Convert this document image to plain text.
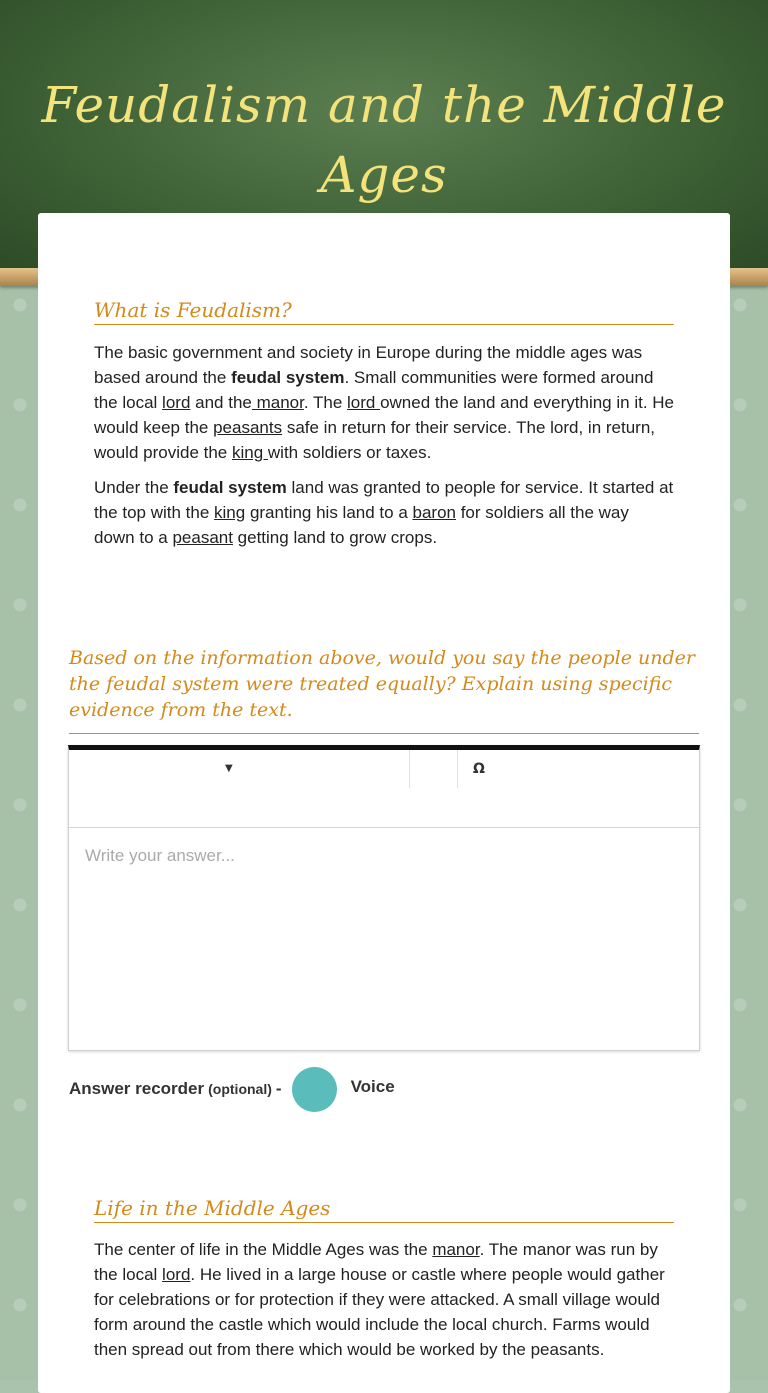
Feudalism and the Middle Ages
What is Feudalism?

The basic government and society in Europe during the middle ages was based around the feudal system. Small communities were formed around the local lord and the manor. The lord owned the land and everything in it. He would keep the peasants safe in return for their service. The lord, in return, would provide the king with soldiers or taxes.

Under the feudal system land was granted to people for service. It started at the top with the king granting his land to a baron for soldiers all the way down to a peasant getting land to grow crops.

Based on the information above, would you say the people under the feudal system were treated equally? Explain using specific evidence from the text.
▼	Ω
Write your answer...
Answer recorder (optional) -	Voice
Life in the Middle Ages

The center of life in the Middle Ages was the manor. The manor was run by the local lord. He lived in a large house or castle where people would gather for celebrations or for protection if they were attacked. A small village would form around the castle which would include the local church. Farms would then spread out from there which would be worked by the peasants.
